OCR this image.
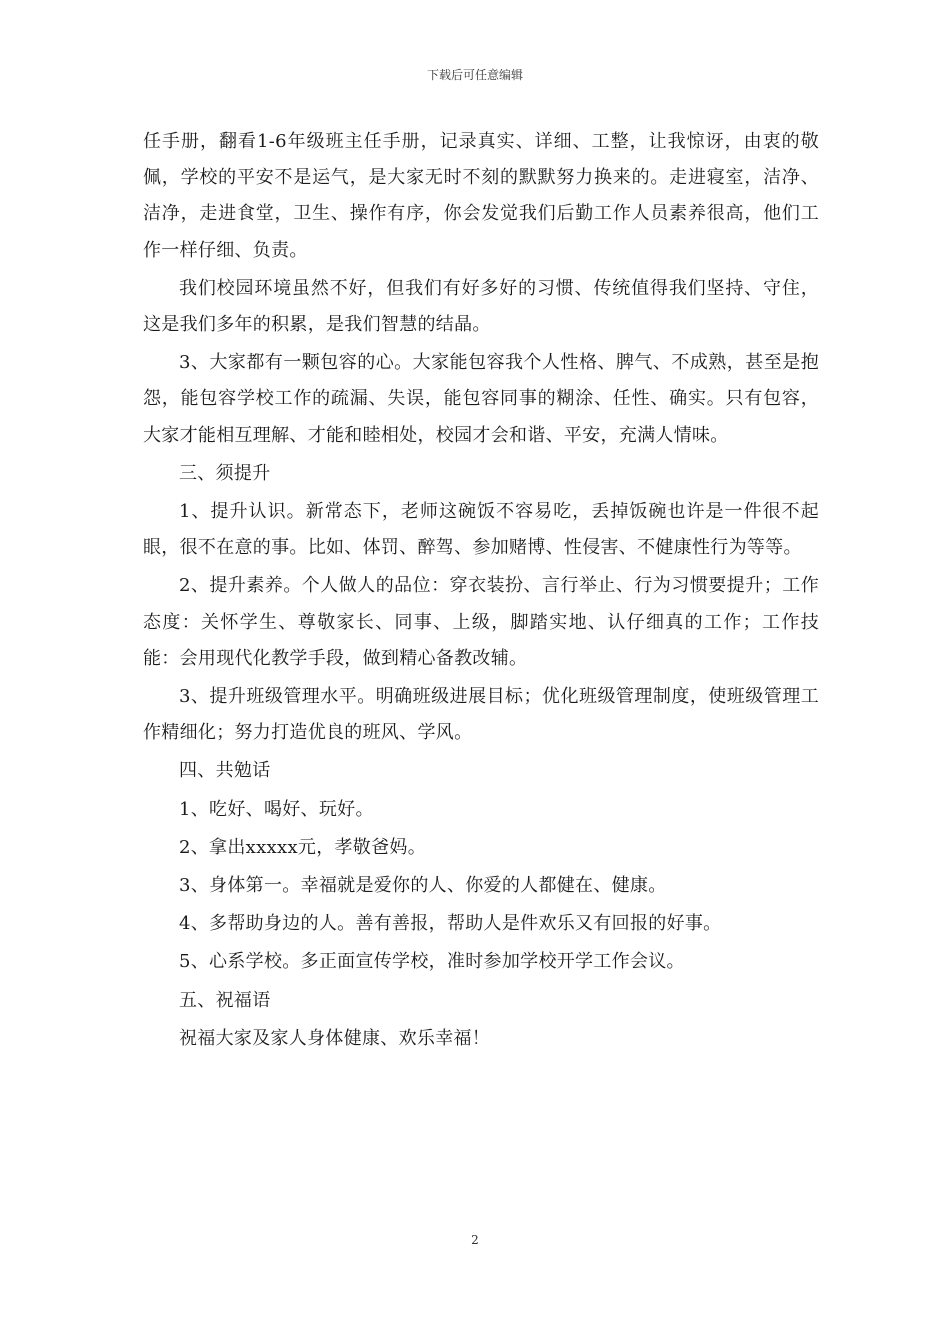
下载后可任意编辑

任手册，翻看1-6年级班主任手册，记录真实、详细、工整，让我惊讶，由衷的敬佩，学校的平安不是运气，是大家无时不刻的默默努力换来的。走进寝室，洁净、洁净，走进食堂，卫生、操作有序，你会发觉我们后勤工作人员素养很高，他们工作一样仔细、负责。

我们校园环境虽然不好，但我们有好多好的习惯、传统值得我们坚持、守住，这是我们多年的积累，是我们智慧的结晶。

3、大家都有一颗包容的心。大家能包容我个人性格、脾气、不成熟，甚至是抱怨，能包容学校工作的疏漏、失误，能包容同事的糊涂、任性、确实。只有包容，大家才能相互理解、才能和睦相处，校园才会和谐、平安，充满人情味。

三、须提升

1、提升认识。新常态下，老师这碗饭不容易吃，丢掉饭碗也许是一件很不起眼，很不在意的事。比如、体罚、醉驾、参加赌博、性侵害、不健康性行为等等。

2、提升素养。个人做人的品位：穿衣装扮、言行举止、行为习惯要提升；工作态度：关怀学生、尊敬家长、同事、上级，脚踏实地、认仔细真的工作；工作技能：会用现代化教学手段，做到精心备教改辅。

3、提升班级管理水平。明确班级进展目标；优化班级管理制度，使班级管理工作精细化；努力打造优良的班风、学风。

四、共勉话

1、吃好、喝好、玩好。

2、拿出xxxxx元，孝敬爸妈。

3、身体第一。幸福就是爱你的人、你爱的人都健在、健康。

4、多帮助身边的人。善有善报，帮助人是件欢乐又有回报的好事。

5、心系学校。多正面宣传学校，准时参加学校开学工作会议。

五、祝福语

祝福大家及家人身体健康、欢乐幸福！

2
